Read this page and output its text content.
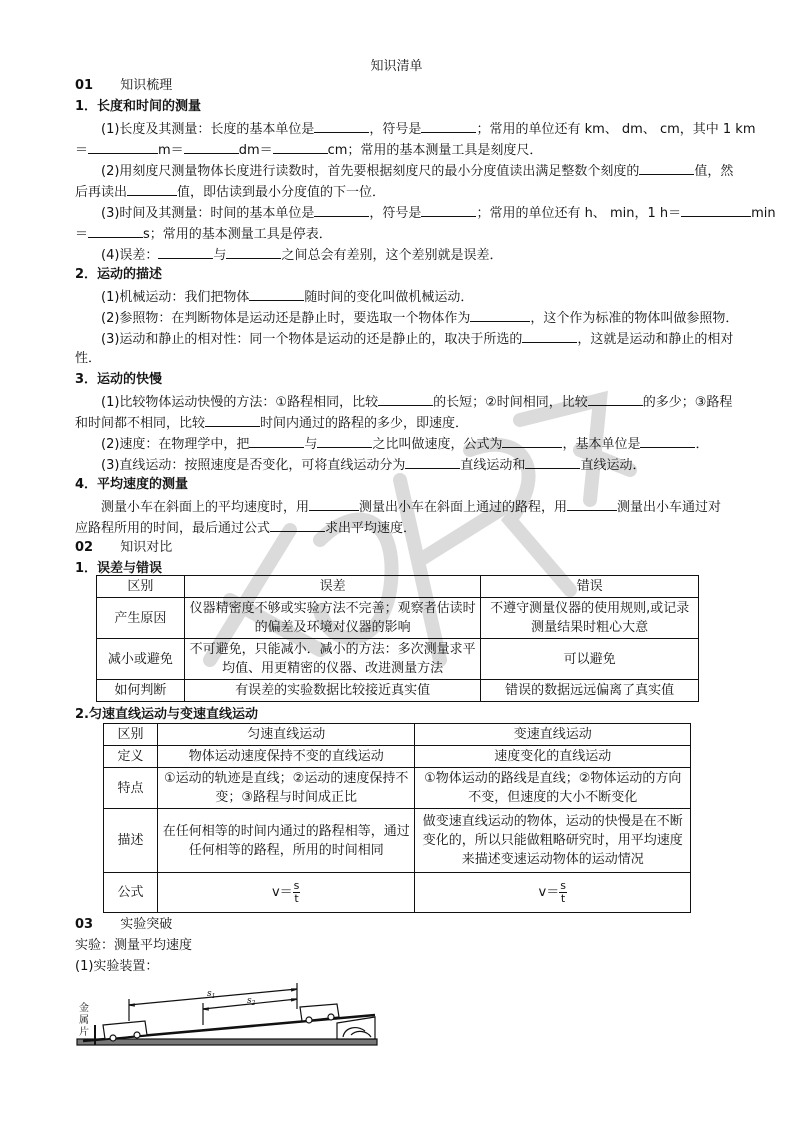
知识清单
01 知识梳理
1．长度和时间的测量
(1)长度及其测量：长度的基本单位是	，符号是	；常用的单位还有 km、 dm、 cm，其中 1 km
＝	m＝	dm＝	cm；常用的基本测量工具是刻度尺．
(2)用刻度尺测量物体长度进行读数时，首先要根据刻度尺的最小分度值读出满足整数个刻度的	值，然
后再读出	值，即估读到最小分度值的下一位．
(3)时间及其测量：时间的基本单位是	，符号是	；常用的单位还有 h、 min，1 h＝	min
＝	s；常用的基本测量工具是停表．
(4)误差：	与	之间总会有差别，这个差别就是误差．
2．运动的描述
(1)机械运动：我们把物体	随时间的变化叫做机械运动．
(2)参照物：在判断物体是运动还是静止时，要选取一个物体作为	，这个作为标准的物体叫做参照物．
(3)运动和静止的相对性：同一个物体是运动的还是静止的，取决于所选的	，这就是运动和静止的相对
性．
3．运动的快慢
(1)比较物体运动快慢的方法：①路程相同，比较	的长短；②时间相同，比较	的多少；③路程
和时间都不相同，比较	时间内通过的路程的多少，即速度．
(2)速度：在物理学中，把	与	之比叫做速度，公式为	，基本单位是	．
(3)直线运动：按照速度是否变化，可将直线运动分为	直线运动和	直线运动．
4．平均速度的测量
测量小车在斜面上的平均速度时，用	测量出小车在斜面上通过的路程，用	测量出小车通过对
应路程所用的时间，最后通过公式	求出平均速度．
02 知识对比
1．误差与错误
区别	误差	错误
产生原因	仪器精密度不够或实验方法不完善；观察者估读时的偏差及环境对仪器的影响	不遵守测量仪器的使用规则,或记录测量结果时粗心大意
减小或避免	不可避免，只能减小．减小的方法：多次测量求平均值、用更精密的仪器、改进测量方法	可以避免
如何判断	有误差的实验数据比较接近真实值	错误的数据远远偏离了真实值
2.匀速直线运动与变速直线运动
区别	匀速直线运动	变速直线运动
定义	物体运动速度保持不变的直线运动	速度变化的直线运动
特点	①运动的轨迹是直线；②运动的速度保持不变；③路程与时间成正比	①物体运动的路线是直线；②物体运动的方向不变，但速度的大小不断变化
描述	在任何相等的时间内通过的路程相等，通过任何相等的路程，所用的时间相同	做变速直线运动的物体，运动的快慢是在不断变化的，所以只能做粗略研究时，用平均速度来描述变速运动物体的运动情况
公式	$v= \frac{s}{t}$	$v= \frac{s}{t}$
03 实验突破
实验：测量平均速度
(1)实验装置：
$s_1$	$s_2$
金
属
片
